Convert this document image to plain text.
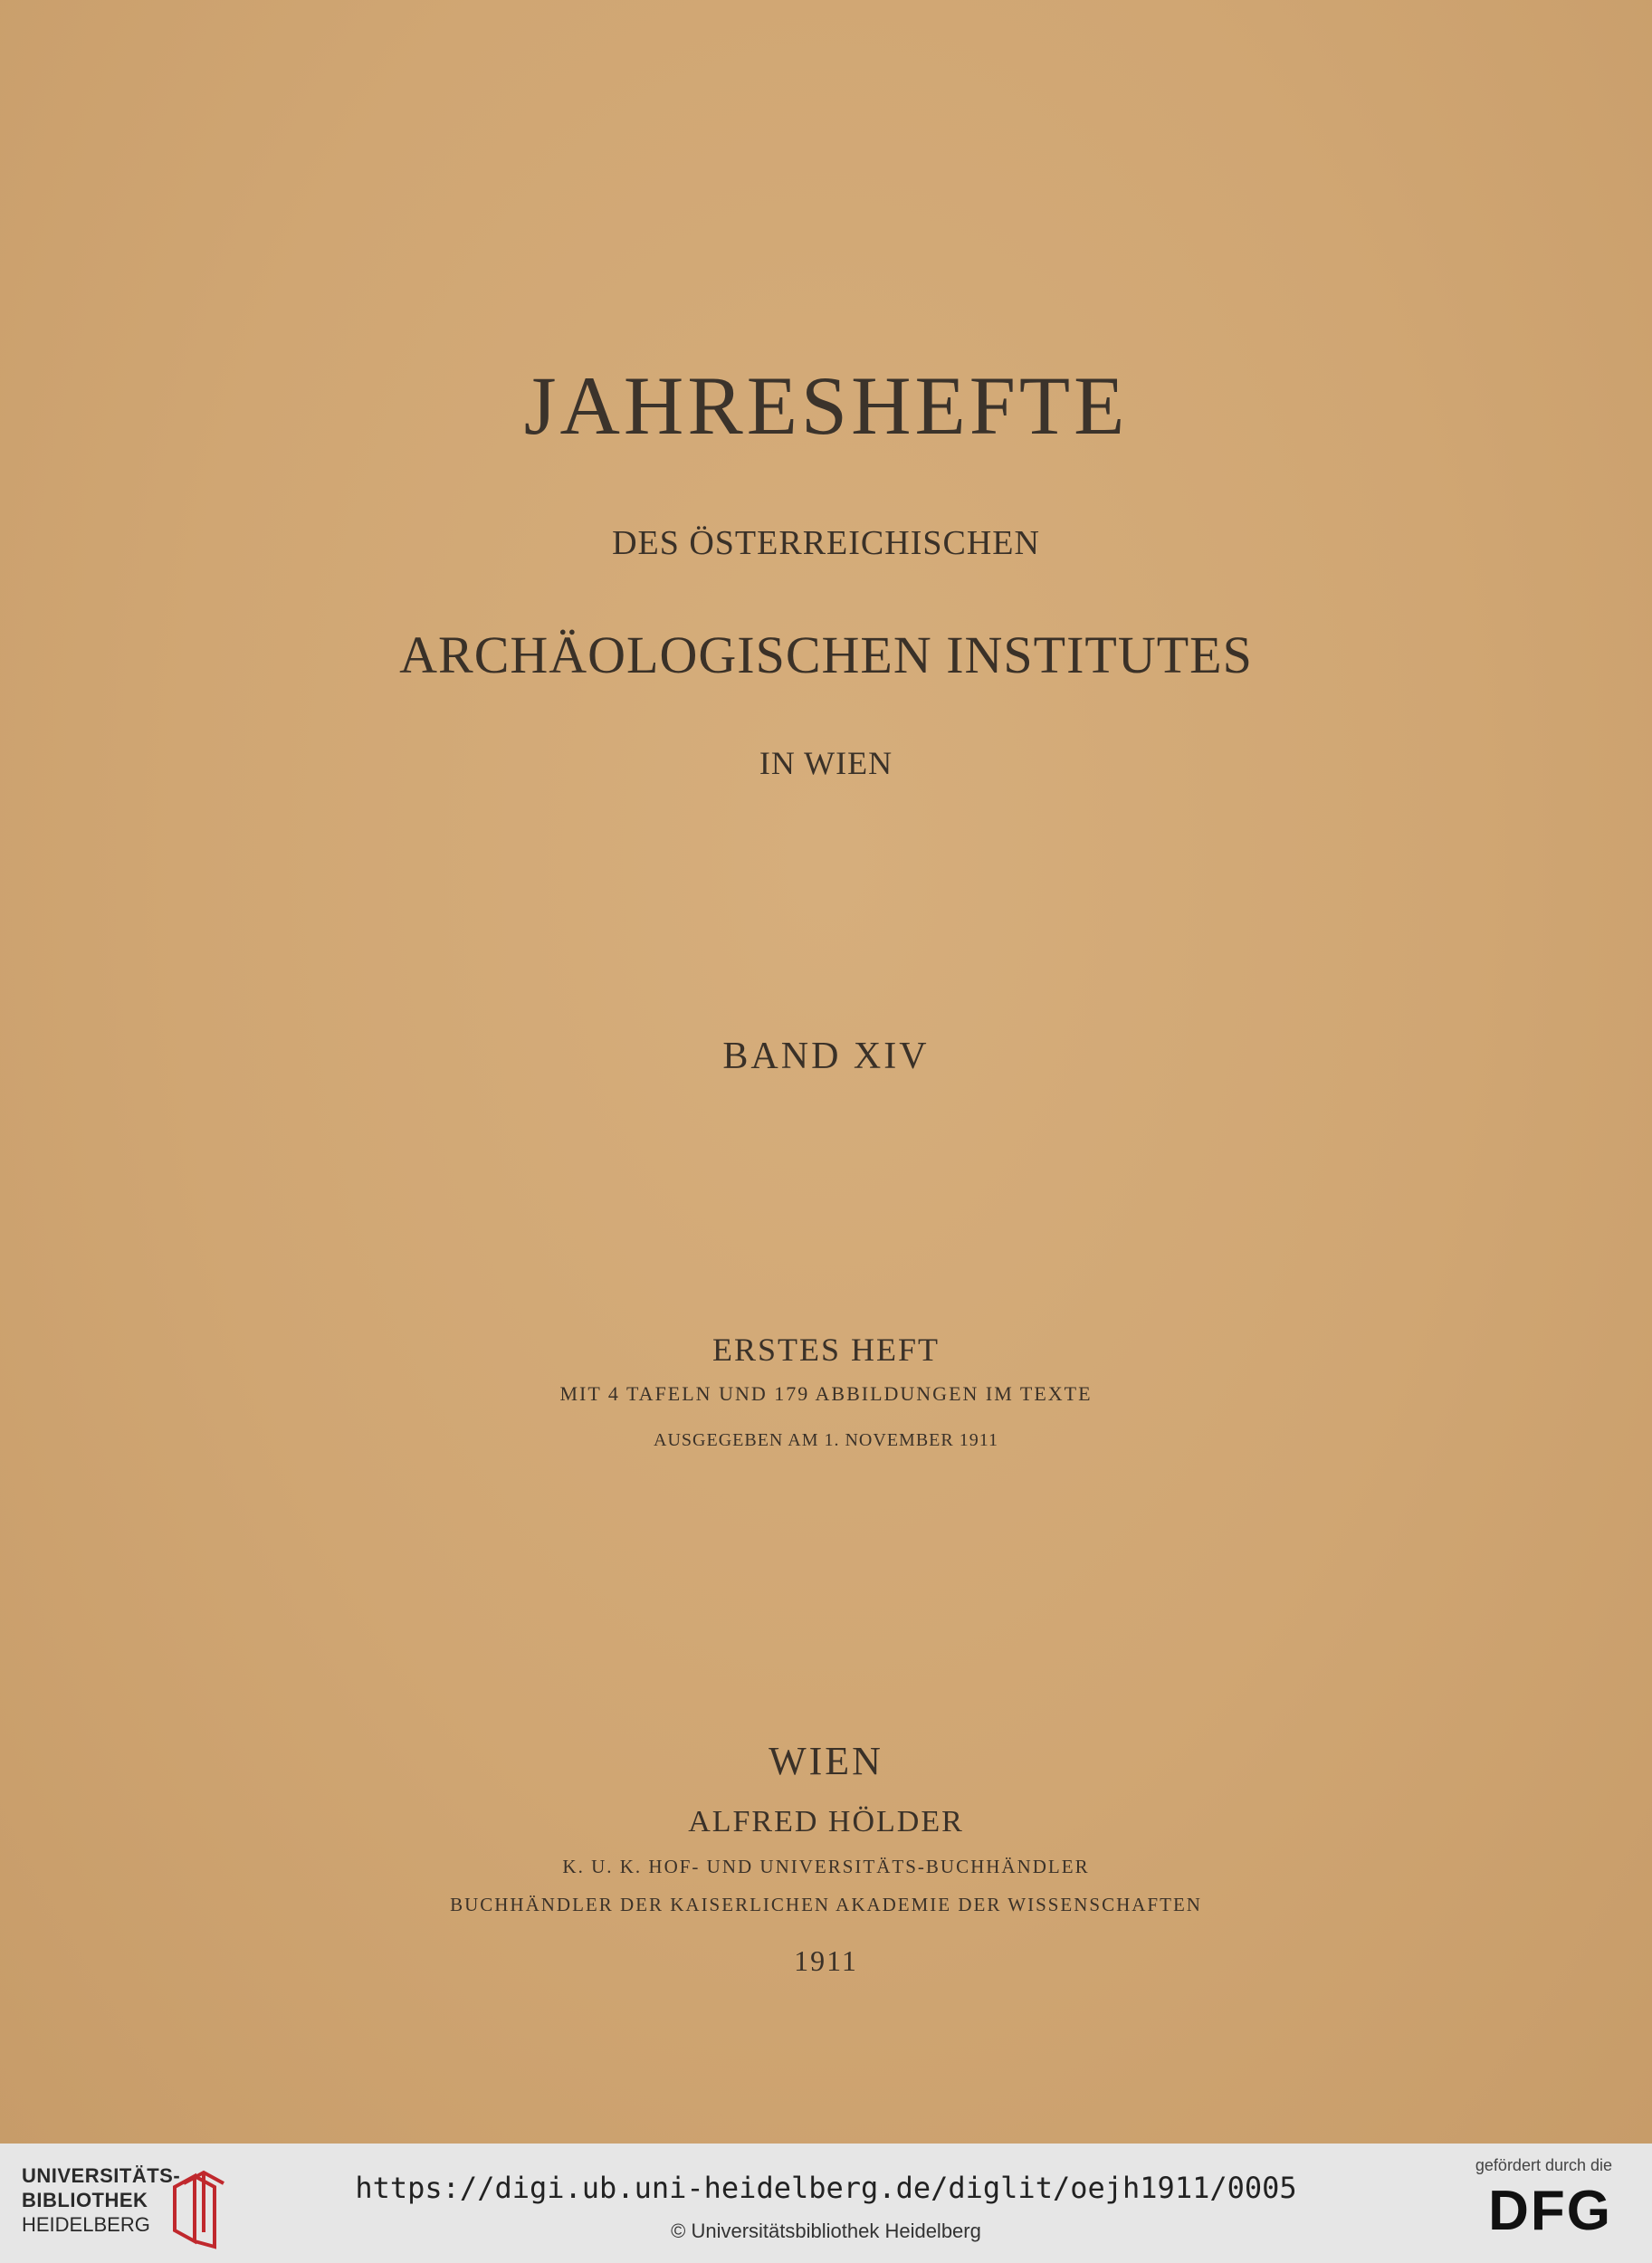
JAHRESHEFTE
DES ÖSTERREICHISCHEN
ARCHÄOLOGISCHEN INSTITUTES
IN WIEN
BAND XIV
ERSTES HEFT
MIT 4 TAFELN UND 179 ABBILDUNGEN IM TEXTE
AUSGEGEBEN AM 1. NOVEMBER 1911
WIEN
ALFRED HÖLDER
K. U. K. HOF- UND UNIVERSITÄTS-BUCHHÄNDLER
BUCHHÄNDLER DER KAISERLICHEN AKADEMIE DER WISSENSCHAFTEN
1911
UNIVERSITÄTS-
BIBLIOTHEK
HEIDELBERG
https://digi.ub.uni-heidelberg.de/diglit/oejh1911/0005
© Universitätsbibliothek Heidelberg
gefördert durch die
DFG
